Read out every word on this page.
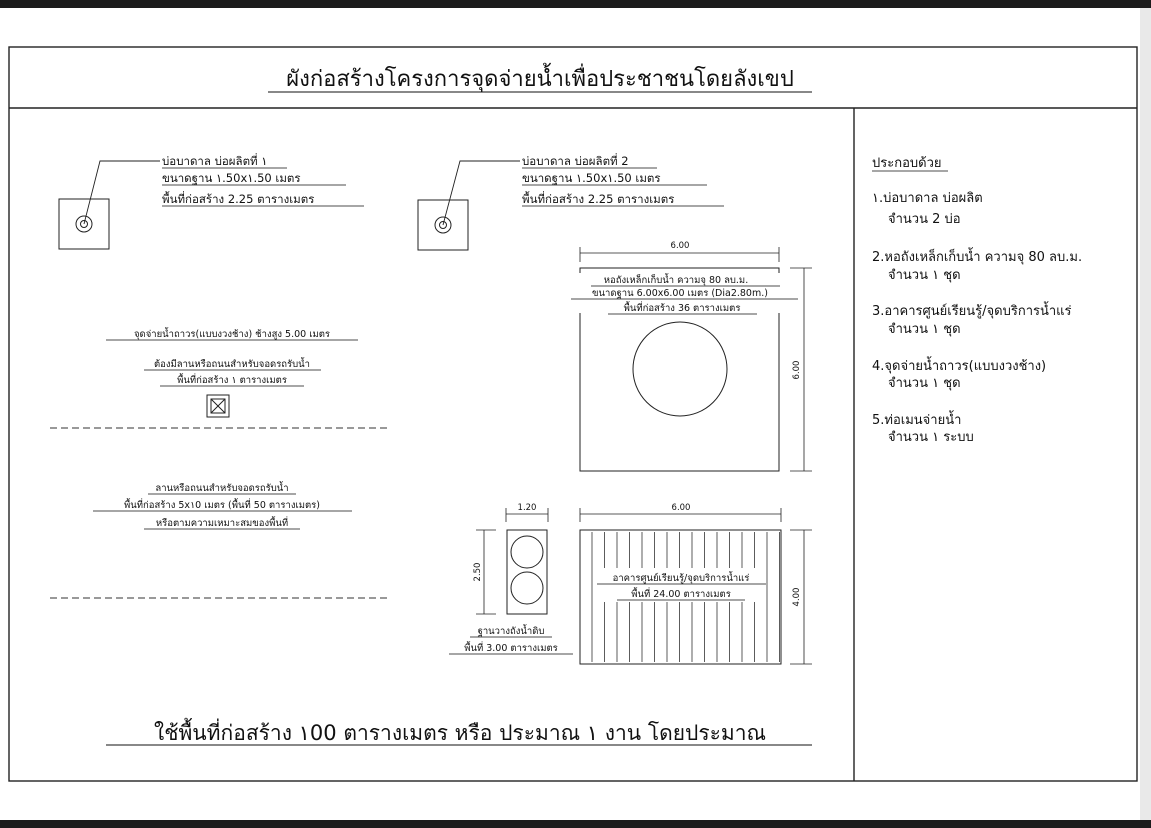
ผังก่อสร้างโครงการจุดจ่ายน้ำเพื่อประชาชนโดยลังเขป
บ่อบาดาล บ่อผลิตที่ ١
ขนาดฐาน ١.50x١.50 เมตร
พื้นที่ก่อสร้าง 2.25 ตารางเมตร
บ่อบาดาล บ่อผลิตที่ 2
ขนาดฐาน ١.50x١.50 เมตร
พื้นที่ก่อสร้าง 2.25 ตารางเมตร
6.00
6.00
หอถังเหล็กเก็บน้ำ ความจุ 80 ลบ.ม.
ขนาดฐาน 6.00x6.00 เมตร (Dia2.80m.)
พื้นที่ก่อสร้าง 36 ตารางเมตร
จุดจ่ายน้ำถาวร(แบบงวงช้าง) ช้างสูง 5.00 เมตร
ต้องมีลานหรือถนนสำหรับจอดรถรับน้ำ
พื้นที่ก่อสร้าง ١ ตารางเมตร
ลานหรือถนนสำหรับจอดรถรับน้ำ
พื้นที่ก่อสร้าง 5x١0 เมตร (พื้นที่ 50 ตารางเมตร)
หรือตามความเหมาะสมของพื้นที่
1.20
2.50
ฐานวางถังน้ำดิบ
พื้นที่ 3.00 ตารางเมตร
6.00
4.00
อาคารศูนย์เรียนรู้/จุดบริการน้ำแร่
พื้นที่ 24.00 ตารางเมตร
ใช้พื้นที่ก่อสร้าง ١00 ตารางเมตร หรือ ประมาณ ١ งาน โดยประมาณ
ประกอบด้วย
١.บ่อบาดาล บ่อผลิต
จำนวน 2 บ่อ
2.หอถังเหล็กเก็บน้ำ ความจุ 80 ลบ.ม.
จำนวน ١ ชุด
3.อาคารศูนย์เรียนรู้/จุดบริการน้ำแร่
จำนวน ١ ชุด
4.จุดจ่ายน้ำถาวร(แบบงวงช้าง)
จำนวน ١ ชุด
5.ท่อเมนจ่ายน้ำ
จำนวน ١ ระบบ
